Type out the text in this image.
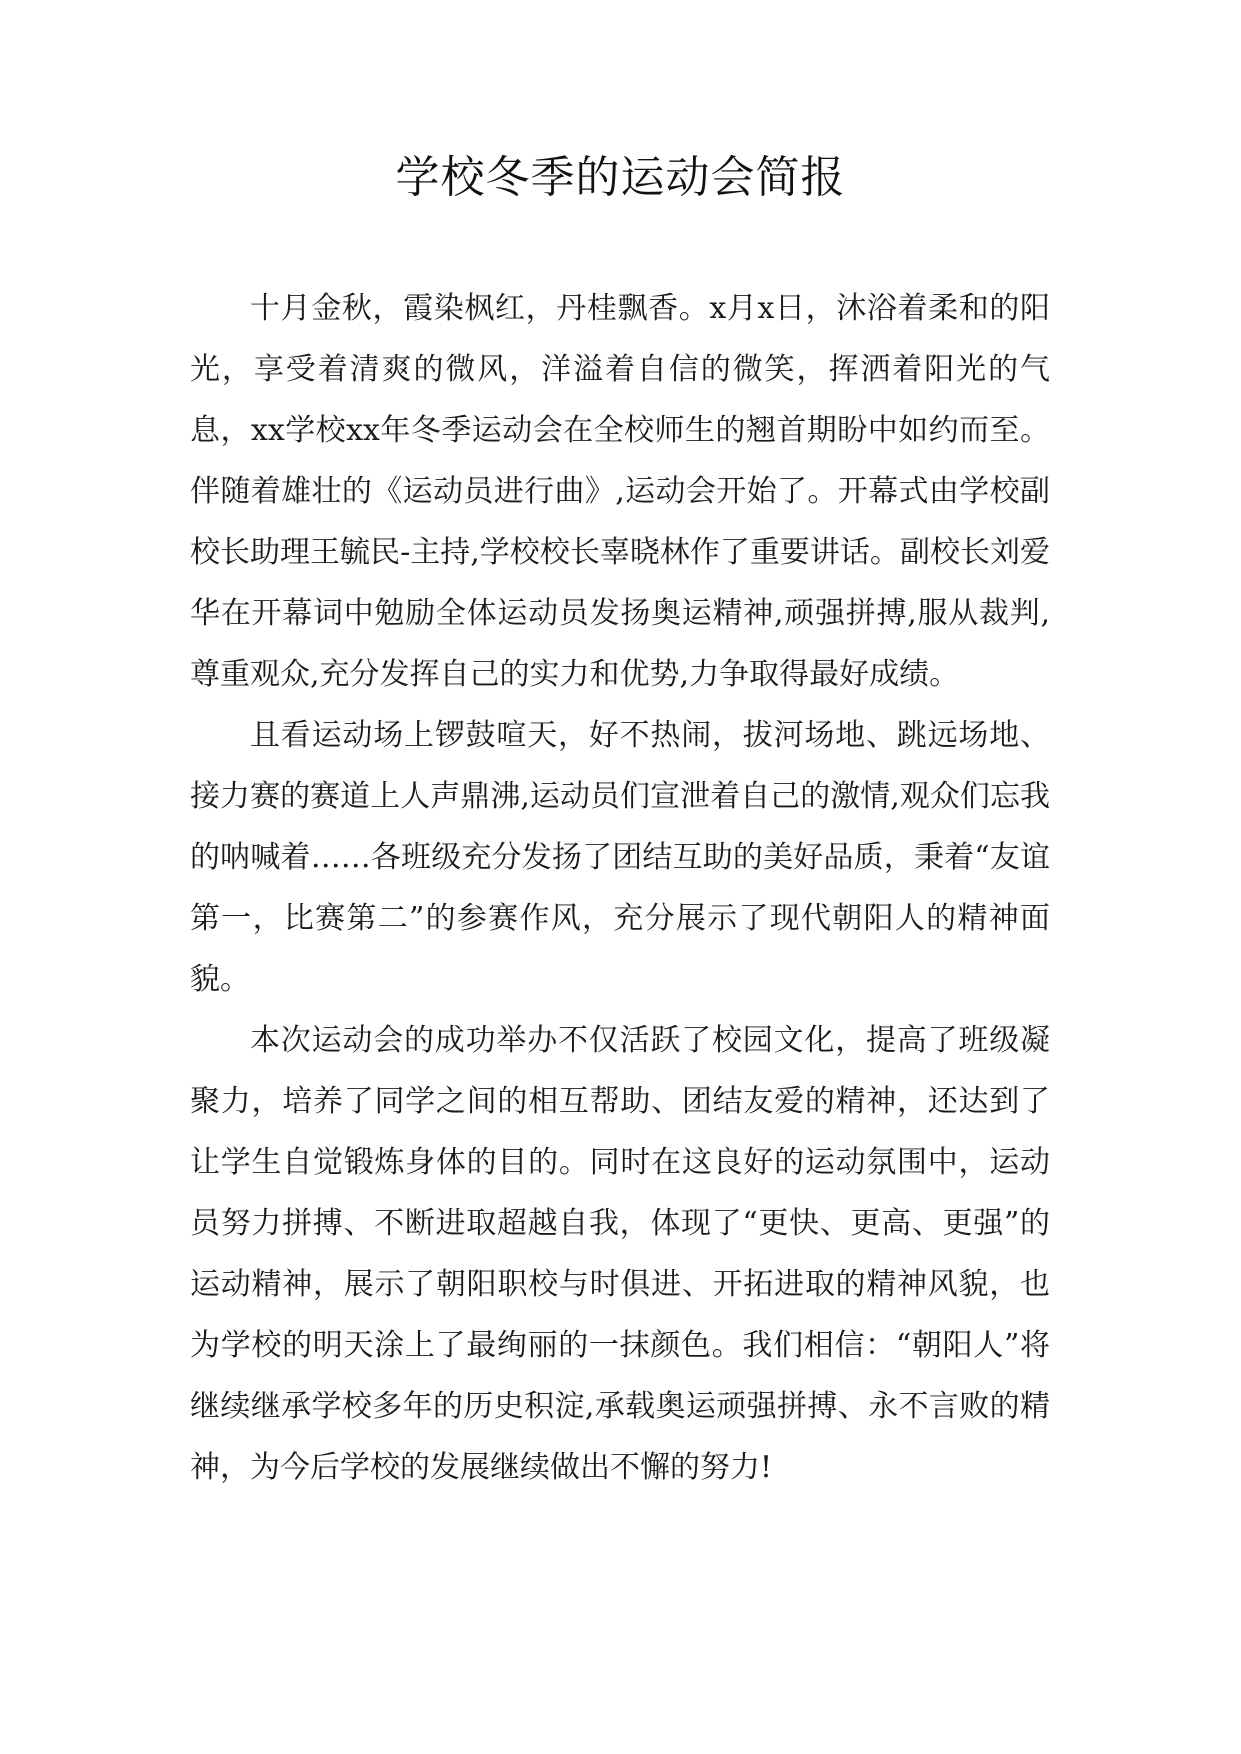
学校冬季的运动会简报

十月金秋，霞染枫红，丹桂飘香。x月x日，沐浴着柔和的阳光，享受着清爽的微风，洋溢着自信的微笑，挥洒着阳光的气息，xx学校xx年冬季运动会在全校师生的翘首期盼中如约而至。伴随着雄壮的《运动员进行曲》,运动会开始了。开幕式由学校副校长助理王毓民-主持,学校校长辜晓林作了重要讲话。副校长刘爱华在开幕词中勉励全体运动员发扬奥运精神,顽强拼搏,服从裁判,尊重观众,充分发挥自己的实力和优势,力争取得最好成绩。

且看运动场上锣鼓喧天，好不热闹，拔河场地、跳远场地、接力赛的赛道上人声鼎沸,运动员们宣泄着自己的激情,观众们忘我的呐喊着……各班级充分发扬了团结互助的美好品质，秉着“友谊第一，比赛第二”的参赛作风，充分展示了现代朝阳人的精神面貌。

本次运动会的成功举办不仅活跃了校园文化，提高了班级凝聚力，培养了同学之间的相互帮助、团结友爱的精神，还达到了让学生自觉锻炼身体的目的。同时在这良好的运动氛围中，运动员努力拼搏、不断进取超越自我，体现了“更快、更高、更强”的运动精神，展示了朝阳职校与时俱进、开拓进取的精神风貌，也为学校的明天涂上了最绚丽的一抹颜色。我们相信：“朝阳人”将继续继承学校多年的历史积淀,承载奥运顽强拼搏、永不言败的精神，为今后学校的发展继续做出不懈的努力!
